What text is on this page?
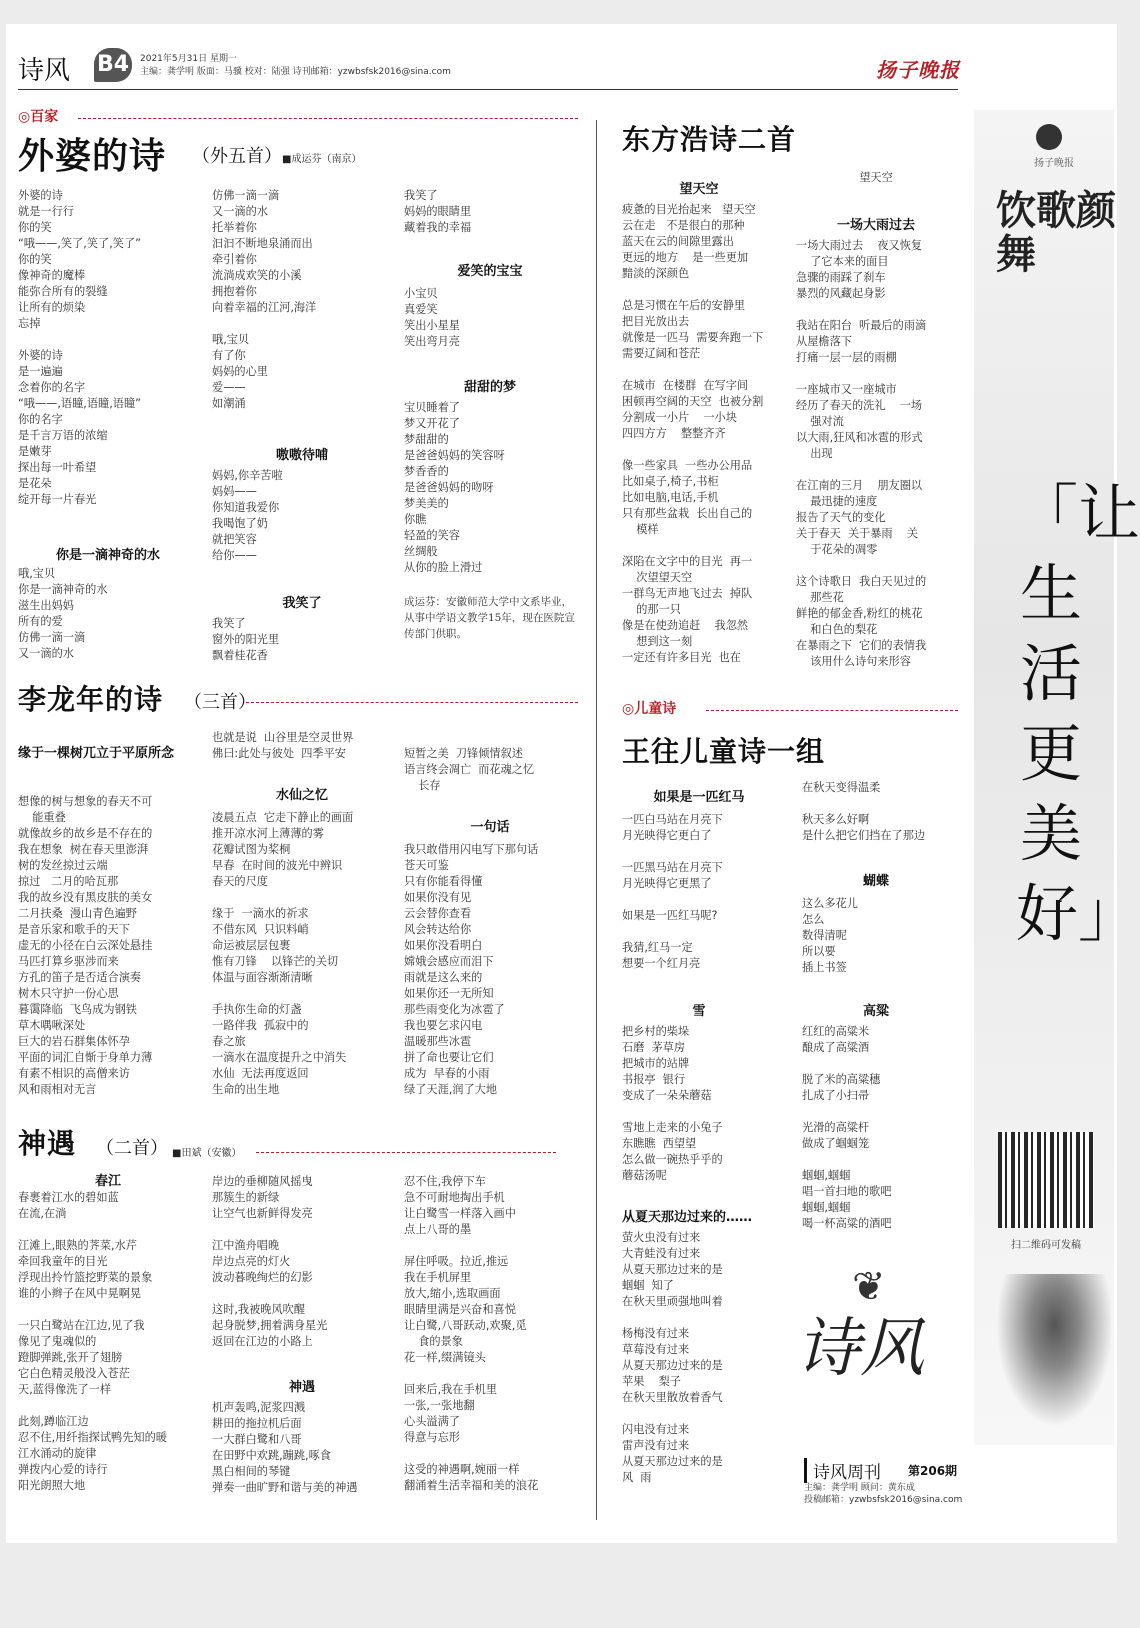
诗风 B4	2021年5月31日 星期一
主编：龚学明 版面：马骥 校对：陆强 诗刊邮箱：yzwbsfsk2016@sina.com	扬子晚报
◎ 百家
外婆的诗 （外五首） ■成运芬（南京）
外婆的诗
就是一行行
你的笑
“哦——,笑了,笑了,笑了”
你的笑
像神奇的魔棒
能弥合所有的裂缝
让所有的烦染
忘掉

外婆的诗
是一遍遍
念着你的名字
“哦——,语瞳,语瞳,语瞳”
你的名字
是千言万语的浓缩
是嫩芽
探出每一叶希望
是花朵
绽开每一片春光
你是一滴神奇的水
哦,宝贝
你是一滴神奇的水
滋生出妈妈
所有的爱
仿佛一滴一滴
又一滴的水
仿佛一滴一滴
又一滴的水
托举着你
汩汩不断地泉涌而出
牵引着你
流淌成欢笑的小溪
拥抱着你
向着幸福的江河,海洋

哦,宝贝
有了你
妈妈的心里
爱——
如潮涌
嗷嗷待哺
妈妈,你辛苦啦
妈妈——
你知道我爱你
我喝饱了奶
就把笑容
给你——
我笑了
我笑了
窗外的阳光里
飘着桂花香
我笑了
妈妈的眼睛里
藏着我的幸福
爱笑的宝宝
小宝贝
真爱笑
笑出小星星
笑出弯月亮
甜甜的梦
宝贝睡着了
梦又开花了
梦甜甜的
是爸爸妈妈的笑容呀
梦香香的
是爸爸妈妈的吻呀
梦美美的
你瞧
轻盈的笑容
丝绸般
从你的脸上滑过
成运芬：安徽师范大学中文系毕业，从事中学语文教学15年，现在医院宣传部门供职。
李龙年的诗 （三首）
缘于一棵树兀立于平原所念
想像的树与想象的春天不可
能重叠
就像故乡的故乡是不存在的
我在想象  树在春天里澎湃
树的发丝掠过云端
掠过   二月的哈瓦那
我的故乡没有黑皮肤的美女
二月扶桑  漫山青色遍野
是音乐家和歌手的天下
虚无的小径在白云深处悬挂
马匹打算乡驱涉而来
方孔的笛子是否适合演奏
树木只守护一份心思
暮霭降临  飞鸟成为钢铁
草木喁啾深处
巨大的岩石群集体怀孕
平面的词汇自惭于身单力薄
有素不相识的高僧来访
风和雨相对无言
也就是说  山谷里是空灵世界
佛曰:此处与彼处  四季平安
水仙之忆
凌晨五点  它走下静止的画面
推开凉水河上薄薄的雾
花瓣试图为桨桐
早春  在时间的波光中辨识
春天的尺度

缘于  一滴水的祈求
不借东风  只识料峭
命运被层层包裹
惟有刀锋    以锋芒的关切
体温与面容渐渐清晰

手执你生命的灯盏
一路伴我  孤寂中的
春之旅
一滴水在温度提升之中消失
水仙  无法再度返回
生命的出生地
短暂之美  刀锋倾情叙述
语言终会凋亡  而花魂之忆
长存
一句话
我只敢借用闪电写下那句话
苍天可鉴
只有你能看得懂
如果你没有见
云会替你查看
风会转达给你
如果你没看明白
嫦娥会感应而泪下
雨就是这么来的
如果你还一无所知
那些雨变化为冰雹了
我也要乞求闪电
温暖那些冰雹
拼了命也要让它们
成为  早春的小雨
绿了天涯,润了大地
神遇 （二首） ■田斌（安徽）
春江
春裹着江水的碧如蓝
在流,在淌

江滩上,眼熟的荠菜,水芹
牵回我童年的目光
浮现出拎竹篮挖野菜的景象
谁的小辫子在风中晃啊晃

一只白鹭站在江边,见了我
像见了鬼魂似的
蹬脚弹跳,张开了翅膀
它白色精灵般没入苍茫
天,蓝得像洗了一样

此刻,蹲临江边
忍不住,用纤指探试鸭先知的暖
江水涌动的旋律
弹拨内心爱的诗行
阳光朗照大地
岸边的垂柳随风摇曳
那簇生的新绿
让空气也新鲜得发亮

江中渔舟唱晚
岸边点亮的灯火
波动暮晚绚烂的幻影

这时,我被晚风吹醒
起身脱梦,拥着满身星光
返回在江边的小路上
神遇
机声轰鸣,泥浆四溅
耕田的拖拉机后面
一大群白鹭和八哥
在田野中欢跳,蹦跳,啄食
黑白相间的琴键
弹奏一曲旷野和谐与美的神遇
忍不住,我停下车
急不可耐地掏出手机
让白鹭雪一样落入画中
点上八哥的墨

屏住呼吸。拉近,推远
我在手机屏里
放大,缩小,选取画面
眼睛里满是兴奋和喜悦
让白鹭,八哥跃动,欢聚,觅
食的景象
花一样,缀满镜头

回来后,我在手机里
一张,一张地翻
心头溢满了
得意与忘形

这受的神遇啊,婉丽一样
翻涌着生活幸福和美的浪花
东方浩诗二首
望天空
疲惫的目光抬起来   望天空
云在走   不是很白的那种
蓝天在云的间隙里露出
更远的地方    是一些更加
黯淡的深颜色

总是习惯在午后的安静里
把目光放出去
就像是一匹马  需要奔跑一下
需要辽阔和苍茫

在城市  在楼群  在写字间
困顿再空阔的天空  也被分割
分割成一小片    一小块
四四方方    整整齐齐

像一些家具  一些办公用品
比如桌子,椅子,书柜
比如电脑,电话,手机
只有那些盆栽  长出自己的
模样

深陷在文字中的目光  再一
次望望天空
一群鸟无声地飞过去  掉队
的那一只
像是在使劲追赶    我忽然
想到这一刻
一定还有许多目光  也在
望天空
一场大雨过去
一场大雨过去    夜又恢复
了它本来的面目
急骤的雨踩了刹车
暴烈的风藏起身影

我站在阳台  听最后的雨滴
从屋檐落下
打痛一层一层的雨棚

一座城市又一座城市
经历了春天的洗礼    一场
强对流
以大雨,狂风和冰雹的形式
出现

在江南的三月    朋友圈以
最迅捷的速度
报告了天气的变化
关于春天  关于暴雨    关
于花朵的凋零

这个诗歌日  我白天见过的
那些花
鲜艳的郁金香,粉红的桃花
和白色的梨花
在暴雨之下  它们的表情我
该用什么诗句来形容
◎ 儿童诗
王往儿童诗一组
如果是一匹红马
一匹白马站在月亮下
月光映得它更白了

一匹黑马站在月亮下
月光映得它更黑了

如果是一匹红马呢?

我猜,红马一定
想要一个红月亮
雪
把乡村的柴垛
石磨  茅草房
把城市的站牌
书报亭  银行
变成了一朵朵蘑菇

雪地上走来的小兔子
东瞧瞧  西望望
怎么做一碗热乎乎的
蘑菇汤呢
从夏天那边过来的……
萤火虫没有过来
大青蛙没有过来
从夏天那边过来的是
蝈蝈  知了
在秋天里顽强地叫着

杨梅没有过来
草莓没有过来
从夏天那边过来的是
苹果    梨子
在秋天里散放着香气

闪电没有过来
雷声没有过来
从夏天那边过来的是
风  雨
在秋天变得温柔

秋天多么好啊
是什么把它们挡在了那边
蝴蝶
这么多花儿
怎么
数得清呢
所以要
插上书签
高粱
红红的高粱米
酿成了高粱酒

脱了米的高粱穗
扎成了小扫帚

光滑的高粱杆
做成了蝈蝈笼

蝈蝈,蝈蝈
唱一首扫地的歌吧
蝈蝈,蝈蝈
喝一杯高粱的酒吧
❦
诗风
诗风周刊 第206期
主编：龚学明 顾问：黄东成
投稿邮箱：yzwbsfsk2016@sina.com
扬子晚报
饮歌颜舞
「让生活更美好」
扫二维码可发稿
